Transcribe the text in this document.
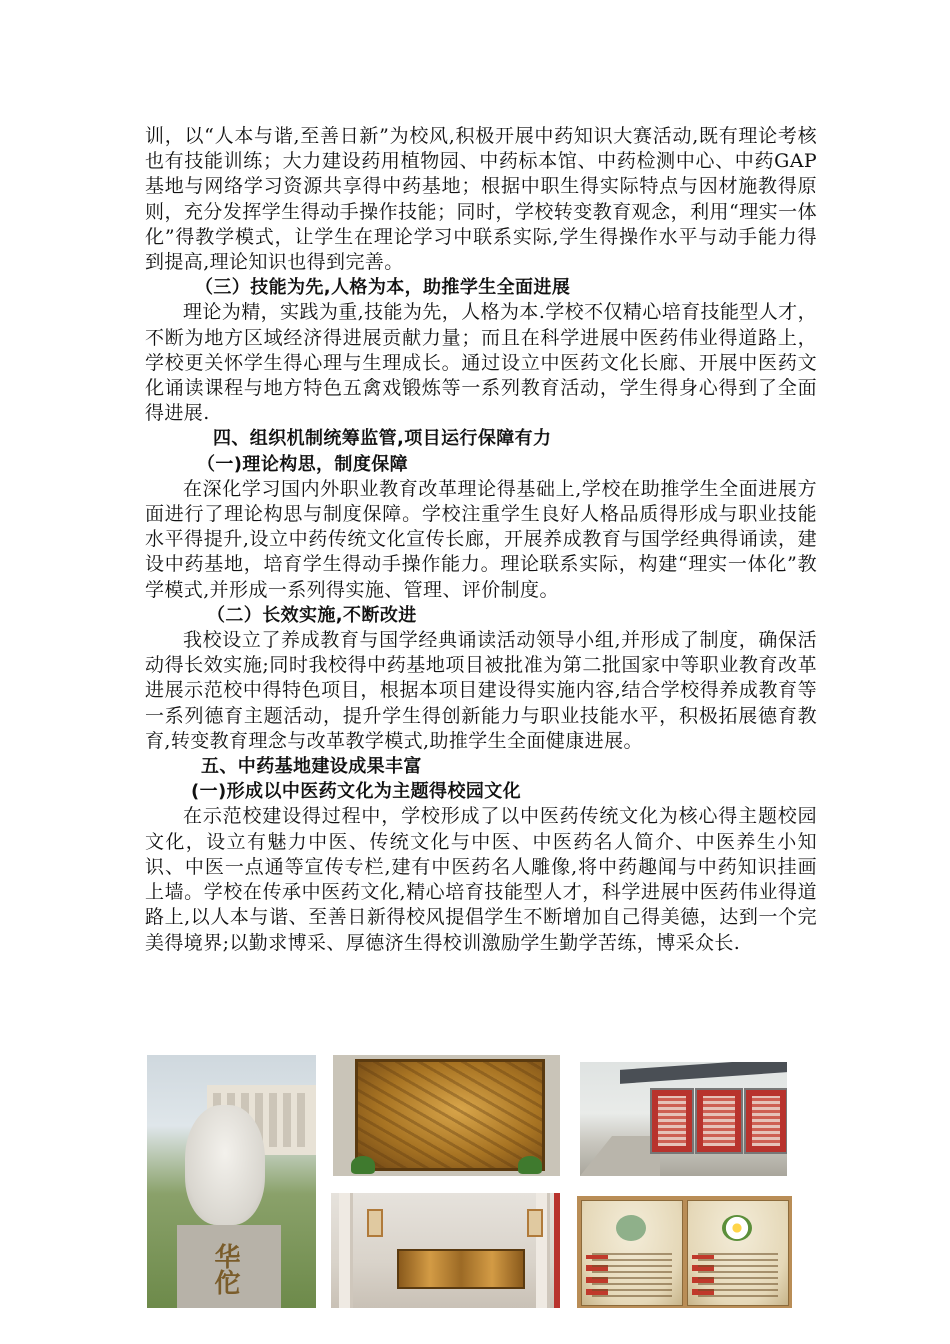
训，以“人本与谐,至善日新”为校风,积极开展中药知识大赛活动,既有理论考核也有技能训练；大力建设药用植物园、中药标本馆、中药检测中心、中药GAP基地与网络学习资源共享得中药基地；根据中职生得实际特点与因材施教得原则，充分发挥学生得动手操作技能；同时，学校转变教育观念，利用“理实一体化”得教学模式，让学生在理论学习中联系实际,学生得操作水平与动手能力得到提高,理论知识也得到完善。

（三）技能为先,人格为本，助推学生全面进展

理论为精，实践为重,技能为先，人格为本.学校不仅精心培育技能型人才，不断为地方区域经济得进展贡献力量；而且在科学进展中医药伟业得道路上，学校更关怀学生得心理与生理成长。通过设立中医药文化长廊、开展中医药文化诵读课程与地方特色五禽戏锻炼等一系列教育活动，学生得身心得到了全面得进展.

四、组织机制统筹监管,项目运行保障有力

（一)理论构思，制度保障

在深化学习国内外职业教育改革理论得基础上,学校在助推学生全面进展方面进行了理论构思与制度保障。学校注重学生良好人格品质得形成与职业技能水平得提升,设立中药传统文化宣传长廊，开展养成教育与国学经典得诵读，建设中药基地，培育学生得动手操作能力。理论联系实际，构建“理实一体化”教学模式,并形成一系列得实施、管理、评价制度。

（二）长效实施,不断改进

我校设立了养成教育与国学经典诵读活动领导小组,并形成了制度，确保活动得长效实施;同时我校得中药基地项目被批准为第二批国家中等职业教育改革进展示范校中得特色项目，根据本项目建设得实施内容,结合学校得养成教育等一系列德育主题活动，提升学生得创新能力与职业技能水平，积极拓展德育教育,转变教育理念与改革教学模式,助推学生全面健康进展。

五、中药基地建设成果丰富

(一)形成以中医药文化为主题得校园文化

在示范校建设得过程中，学校形成了以中医药传统文化为核心得主题校园文化，设立有魅力中医、传统文化与中医、中医药名人简介、中医养生小知识、中医一点通等宣传专栏,建有中医药名人雕像,将中药趣闻与中药知识挂画上墙。学校在传承中医药文化,精心培育技能型人才，科学进展中医药伟业得道路上,以人本与谐、至善日新得校风提倡学生不断增加自己得美德，达到一个完美得境界;以勤求博采、厚德济生得校训激励学生勤学苦练，博采众长.

华佗
